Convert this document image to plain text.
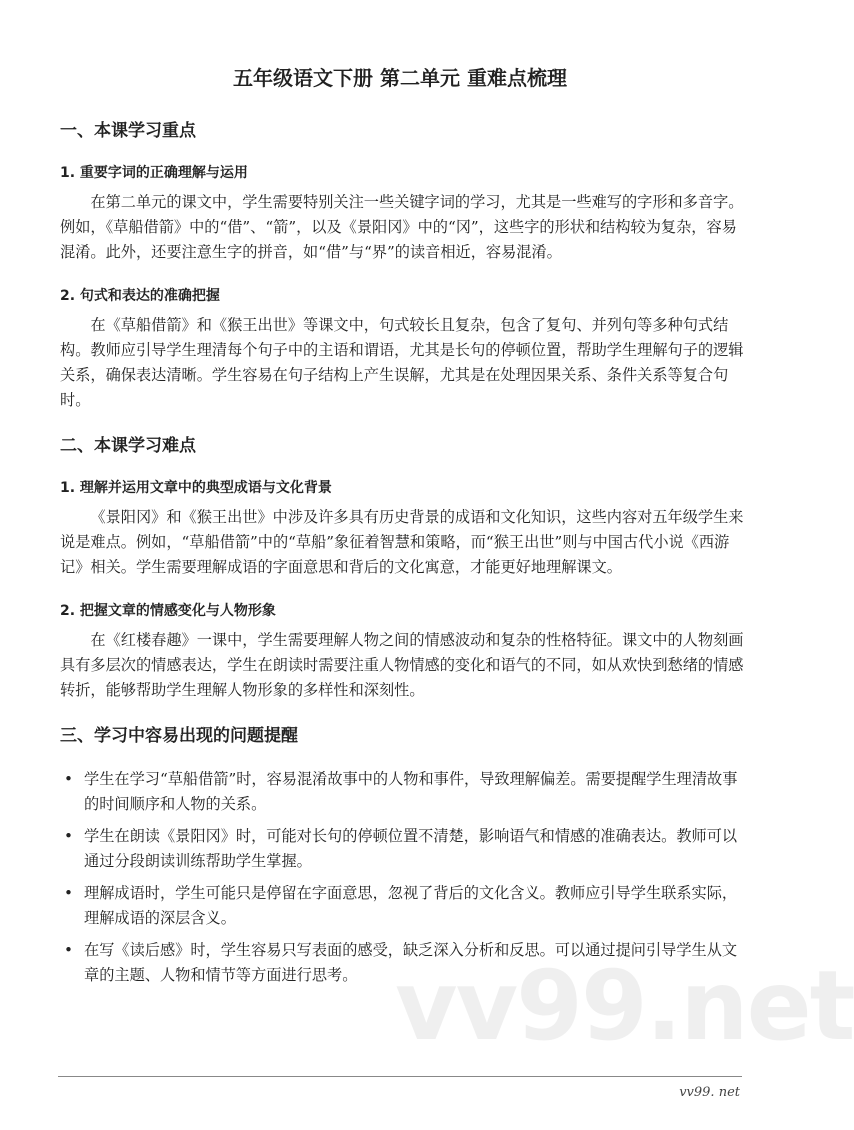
vv99.net
五年级语文下册 第二单元 重难点梳理
一、本课学习重点
1. 重要字词的正确理解与运用

在第二单元的课文中，学生需要特别关注一些关键字词的学习，尤其是一些难写的字形和多音字。例如，《草船借箭》中的“借”、“箭”，以及《景阳冈》中的“冈”，这些字的形状和结构较为复杂，容易混淆。此外，还要注意生字的拼音，如“借”与“界”的读音相近，容易混淆。

2. 句式和表达的准确把握

在《草船借箭》和《猴王出世》等课文中，句式较长且复杂，包含了复句、并列句等多种句式结构。教师应引导学生理清每个句子中的主语和谓语，尤其是长句的停顿位置，帮助学生理解句子的逻辑关系，确保表达清晰。学生容易在句子结构上产生误解，尤其是在处理因果关系、条件关系等复合句时。

二、本课学习难点
1. 理解并运用文章中的典型成语与文化背景

《景阳冈》和《猴王出世》中涉及许多具有历史背景的成语和文化知识，这些内容对五年级学生来说是难点。例如，“草船借箭”中的“草船”象征着智慧和策略，而“猴王出世”则与中国古代小说《西游记》相关。学生需要理解成语的字面意思和背后的文化寓意，才能更好地理解课文。

2. 把握文章的情感变化与人物形象

在《红楼春趣》一课中，学生需要理解人物之间的情感波动和复杂的性格特征。课文中的人物刻画具有多层次的情感表达，学生在朗读时需要注重人物情感的变化和语气的不同，如从欢快到愁绪的情感转折，能够帮助学生理解人物形象的多样性和深刻性。

三、学习中容易出现的问题提醒
• 学生在学习“草船借箭”时，容易混淆故事中的人物和事件，导致理解偏差。需要提醒学生理清故事的时间顺序和人物的关系。
• 学生在朗读《景阳冈》时，可能对长句的停顿位置不清楚，影响语气和情感的准确表达。教师可以通过分段朗读训练帮助学生掌握。
• 理解成语时，学生可能只是停留在字面意思，忽视了背后的文化含义。教师应引导学生联系实际，理解成语的深层含义。
• 在写《读后感》时，学生容易只写表面的感受，缺乏深入分析和反思。可以通过提问引导学生从文章的主题、人物和情节等方面进行思考。
vv99. net
